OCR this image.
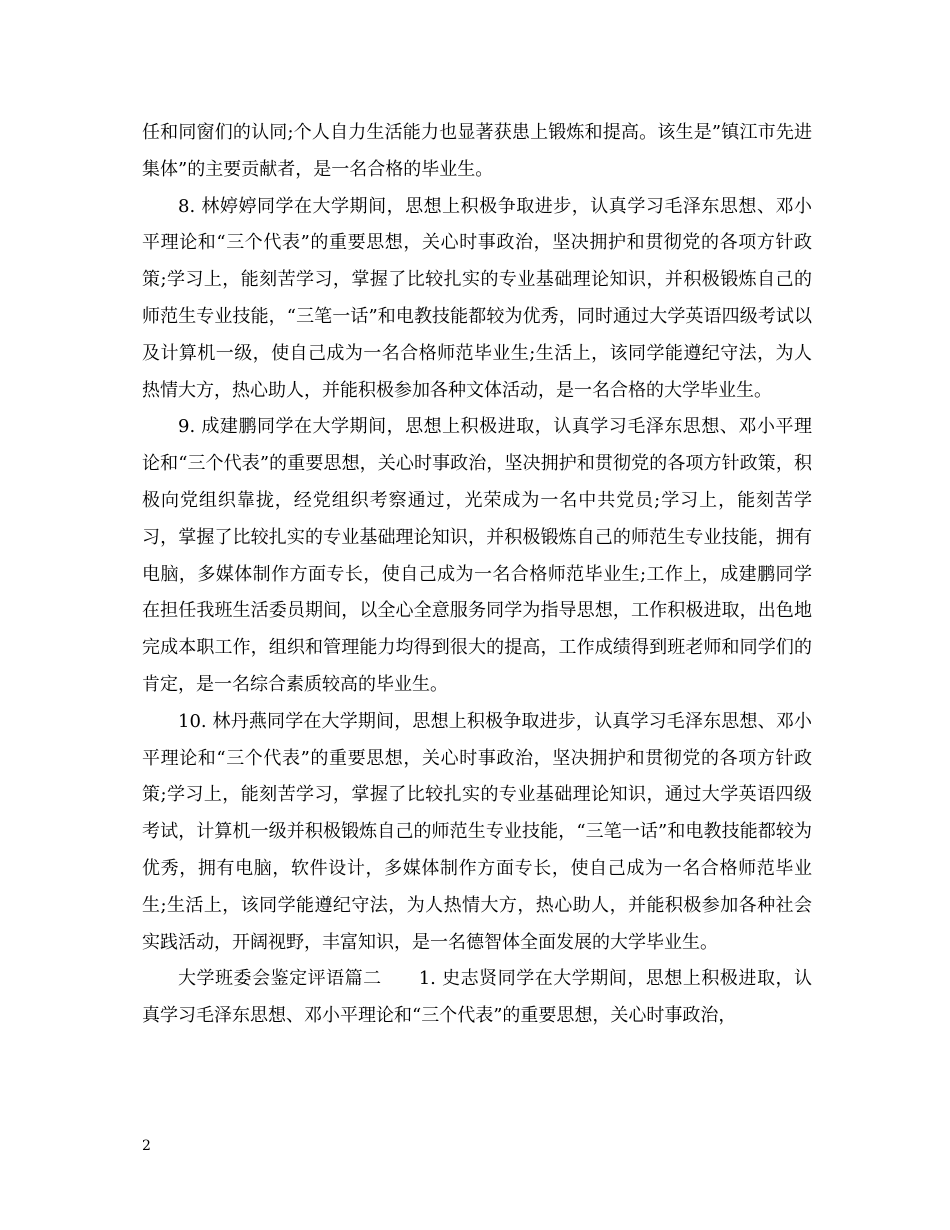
任和同窗们的认同;个人自力生活能力也显著获患上锻炼和提高。该生是”镇江市先进集体”的主要贡献者，是一名合格的毕业生。

8. 林婷婷同学在大学期间，思想上积极争取进步，认真学习毛泽东思想、邓小平理论和“三个代表”的重要思想，关心时事政治，坚决拥护和贯彻党的各项方针政策;学习上，能刻苦学习，掌握了比较扎实的专业基础理论知识，并积极锻炼自己的师范生专业技能，“三笔一话”和电教技能都较为优秀，同时通过大学英语四级考试以及计算机一级，使自己成为一名合格师范毕业生;生活上，该同学能遵纪守法，为人热情大方，热心助人，并能积极参加各种文体活动，是一名合格的大学毕业生。

9. 成建鹏同学在大学期间，思想上积极进取，认真学习毛泽东思想、邓小平理论和“三个代表”的重要思想，关心时事政治，坚决拥护和贯彻党的各项方针政策，积极向党组织靠拢，经党组织考察通过，光荣成为一名中共党员;学习上，能刻苦学习，掌握了比较扎实的专业基础理论知识，并积极锻炼自己的师范生专业技能，拥有电脑，多媒体制作方面专长，使自己成为一名合格师范毕业生;工作上，成建鹏同学在担任我班生活委员期间，以全心全意服务同学为指导思想，工作积极进取，出色地完成本职工作，组织和管理能力均得到很大的提高，工作成绩得到班老师和同学们的肯定，是一名综合素质较高的毕业生。

10. 林丹燕同学在大学期间，思想上积极争取进步，认真学习毛泽东思想、邓小平理论和“三个代表”的重要思想，关心时事政治，坚决拥护和贯彻党的各项方针政策;学习上，能刻苦学习，掌握了比较扎实的专业基础理论知识，通过大学英语四级考试，计算机一级并积极锻炼自己的师范生专业技能，“三笔一话”和电教技能都较为优秀，拥有电脑，软件设计，多媒体制作方面专长，使自己成为一名合格师范毕业生;生活上，该同学能遵纪守法，为人热情大方，热心助人，并能积极参加各种社会实践活动，开阔视野，丰富知识，是一名德智体全面发展的大学毕业生。

大学班委会鉴定评语篇二　　1. 史志贤同学在大学期间，思想上积极进取，认真学习毛泽东思想、邓小平理论和“三个代表”的重要思想，关心时事政治，

2
